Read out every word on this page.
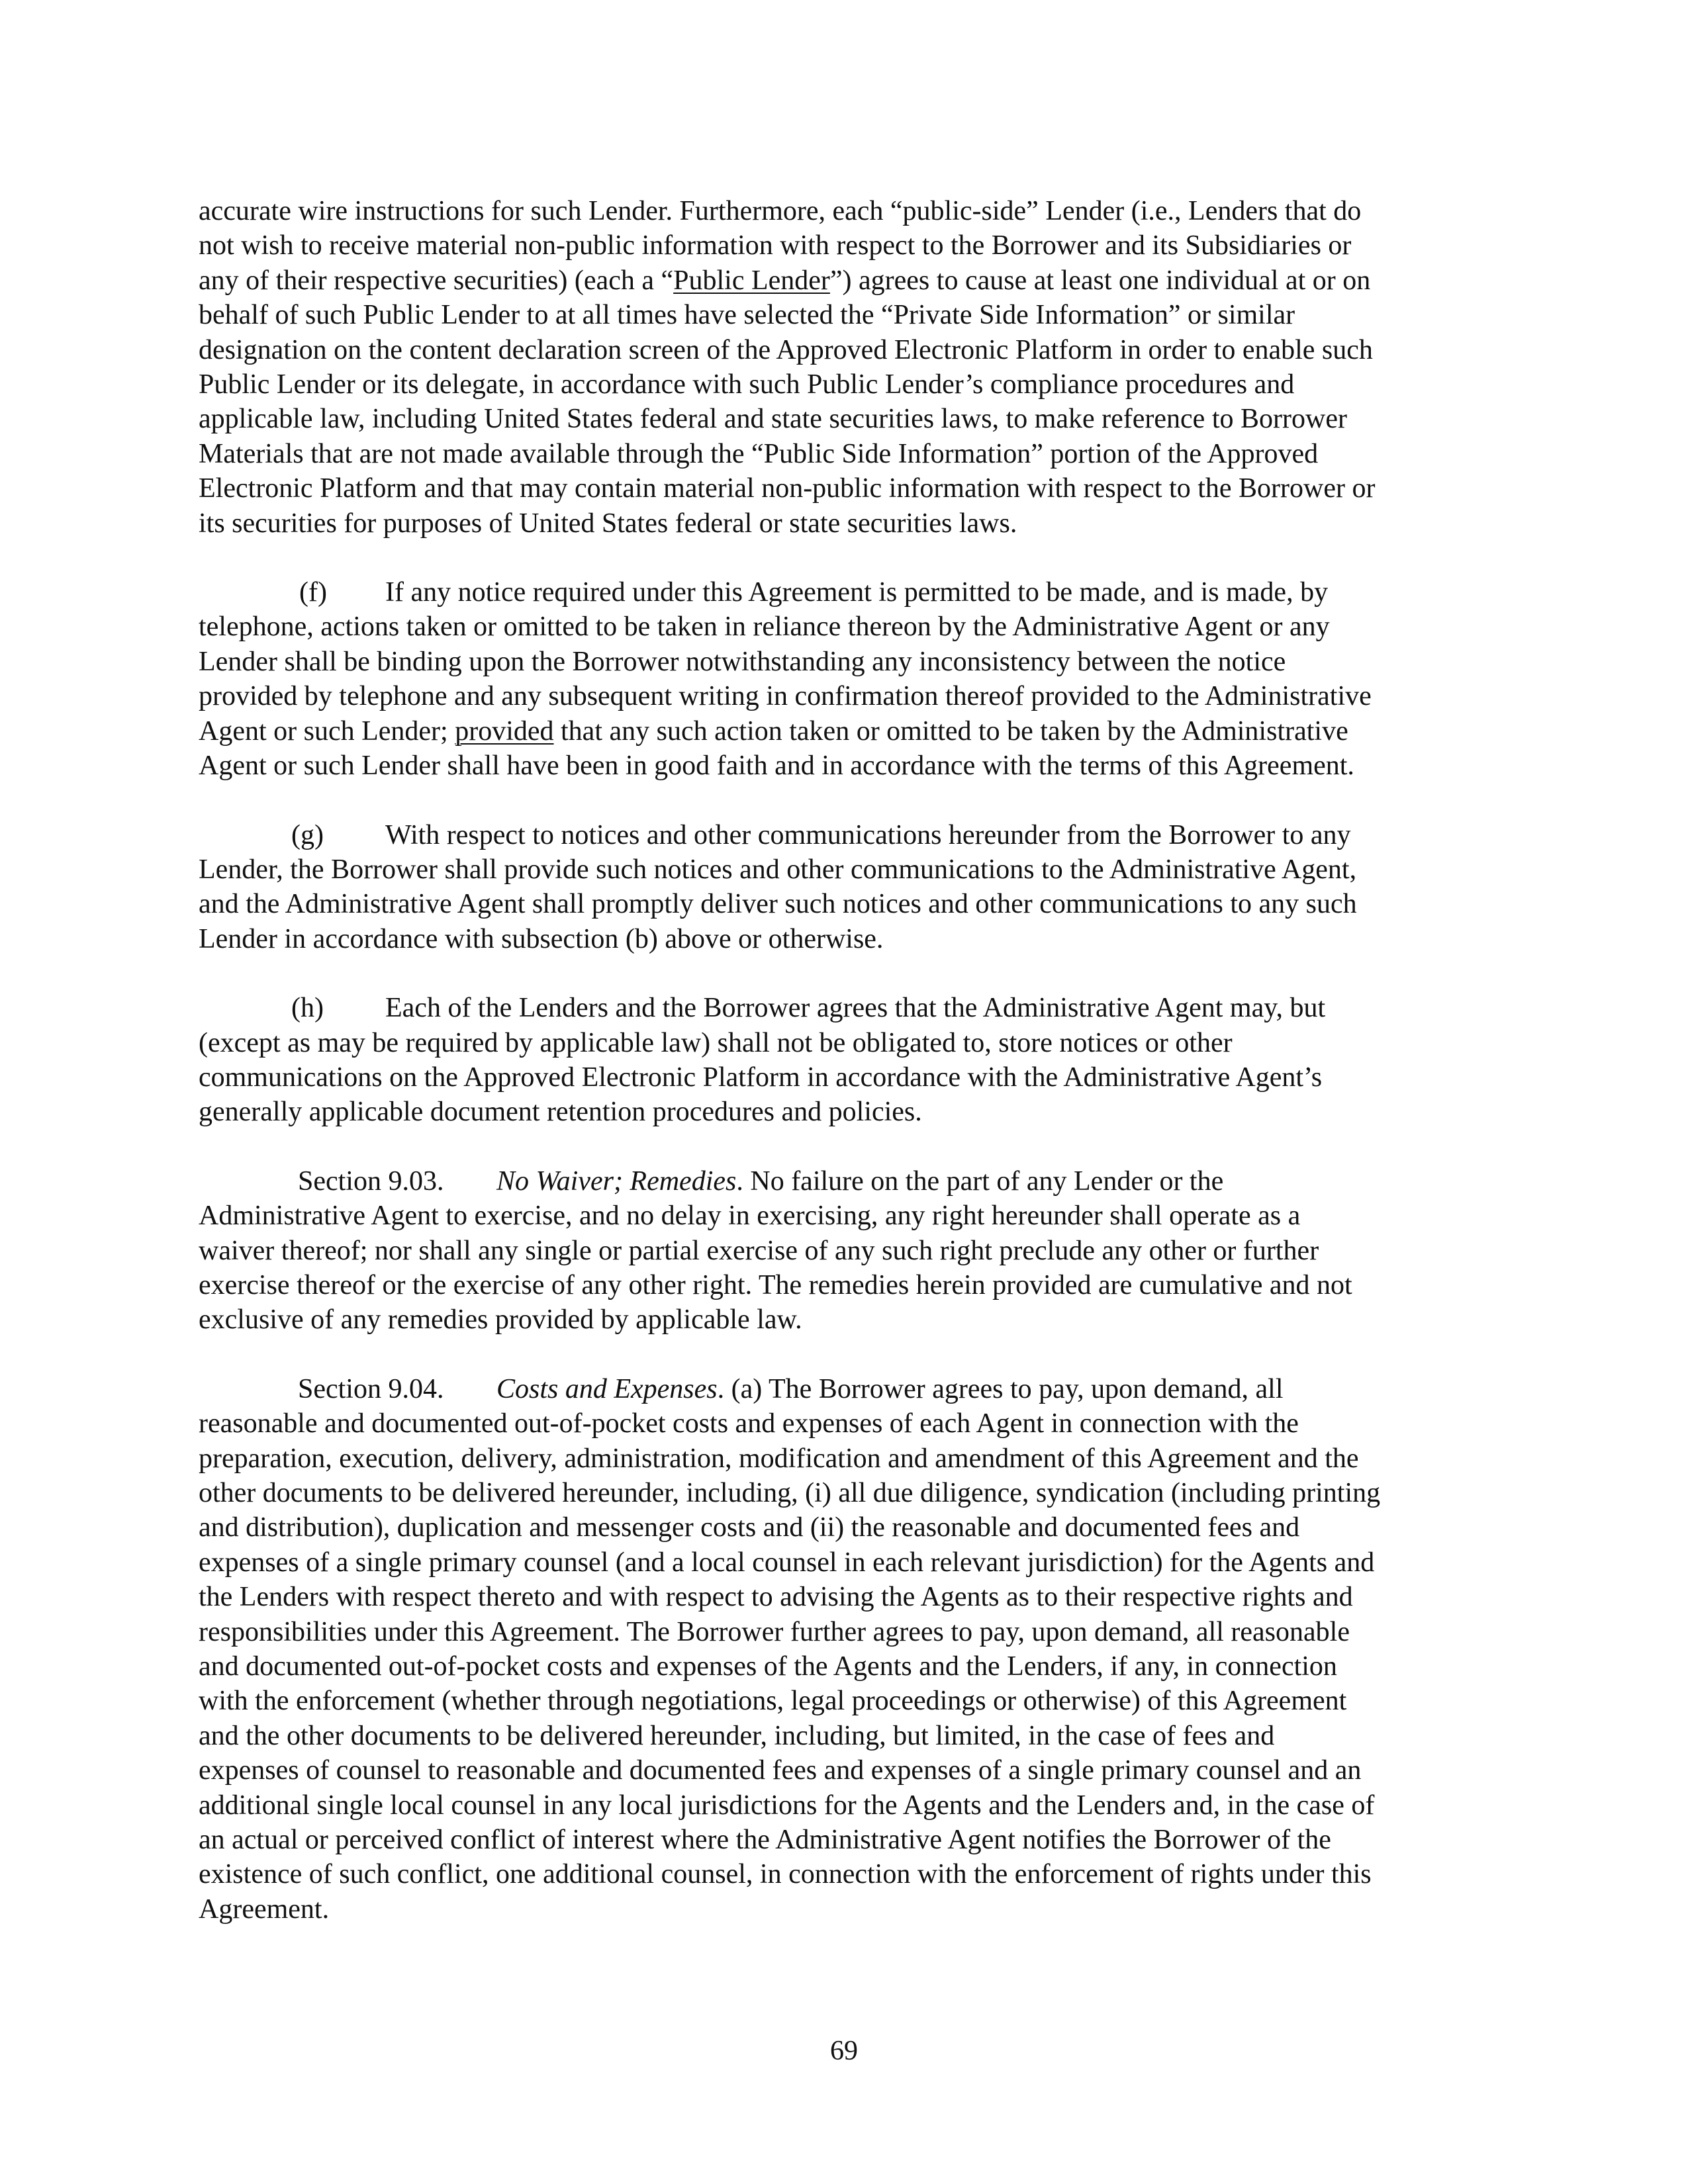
accurate wire instructions for such Lender. Furthermore, each “public-side” Lender (i.e., Lenders that do
not wish to receive material non-public information with respect to the Borrower and its Subsidiaries or
any of their respective securities) (each a “Public Lender”) agrees to cause at least one individual at or on
behalf of such Public Lender to at all times have selected the “Private Side Information” or similar
designation on the content declaration screen of the Approved Electronic Platform in order to enable such
Public Lender or its delegate, in accordance with such Public Lender’s compliance procedures and
applicable law, including United States federal and state securities laws, to make reference to Borrower
Materials that are not made available through the “Public Side Information” portion of the Approved
Electronic Platform and that may contain material non-public information with respect to the Borrower or
its securities for purposes of United States federal or state securities laws.
(f) If any notice required under this Agreement is permitted to be made, and is made, by
telephone, actions taken or omitted to be taken in reliance thereon by the Administrative Agent or any
Lender shall be binding upon the Borrower notwithstanding any inconsistency between the notice
provided by telephone and any subsequent writing in confirmation thereof provided to the Administrative
Agent or such Lender; provided that any such action taken or omitted to be taken by the Administrative
Agent or such Lender shall have been in good faith and in accordance with the terms of this Agreement.
(g) With respect to notices and other communications hereunder from the Borrower to any
Lender, the Borrower shall provide such notices and other communications to the Administrative Agent,
and the Administrative Agent shall promptly deliver such notices and other communications to any such
Lender in accordance with subsection (b) above or otherwise.
(h) Each of the Lenders and the Borrower agrees that the Administrative Agent may, but
(except as may be required by applicable law) shall not be obligated to, store notices or other
communications on the Approved Electronic Platform in accordance with the Administrative Agent’s
generally applicable document retention procedures and policies.
Section 9.03. No Waiver; Remedies. No failure on the part of any Lender or the
Administrative Agent to exercise, and no delay in exercising, any right hereunder shall operate as a
waiver thereof; nor shall any single or partial exercise of any such right preclude any other or further
exercise thereof or the exercise of any other right. The remedies herein provided are cumulative and not
exclusive of any remedies provided by applicable law.
Section 9.04. Costs and Expenses. (a) The Borrower agrees to pay, upon demand, all
reasonable and documented out-of-pocket costs and expenses of each Agent in connection with the
preparation, execution, delivery, administration, modification and amendment of this Agreement and the
other documents to be delivered hereunder, including, (i) all due diligence, syndication (including printing
and distribution), duplication and messenger costs and (ii) the reasonable and documented fees and
expenses of a single primary counsel (and a local counsel in each relevant jurisdiction) for the Agents and
the Lenders with respect thereto and with respect to advising the Agents as to their respective rights and
responsibilities under this Agreement. The Borrower further agrees to pay, upon demand, all reasonable
and documented out-of-pocket costs and expenses of the Agents and the Lenders, if any, in connection
with the enforcement (whether through negotiations, legal proceedings or otherwise) of this Agreement
and the other documents to be delivered hereunder, including, but limited, in the case of fees and
expenses of counsel to reasonable and documented fees and expenses of a single primary counsel and an
additional single local counsel in any local jurisdictions for the Agents and the Lenders and, in the case of
an actual or perceived conflict of interest where the Administrative Agent notifies the Borrower of the
existence of such conflict, one additional counsel, in connection with the enforcement of rights under this
Agreement.
69
